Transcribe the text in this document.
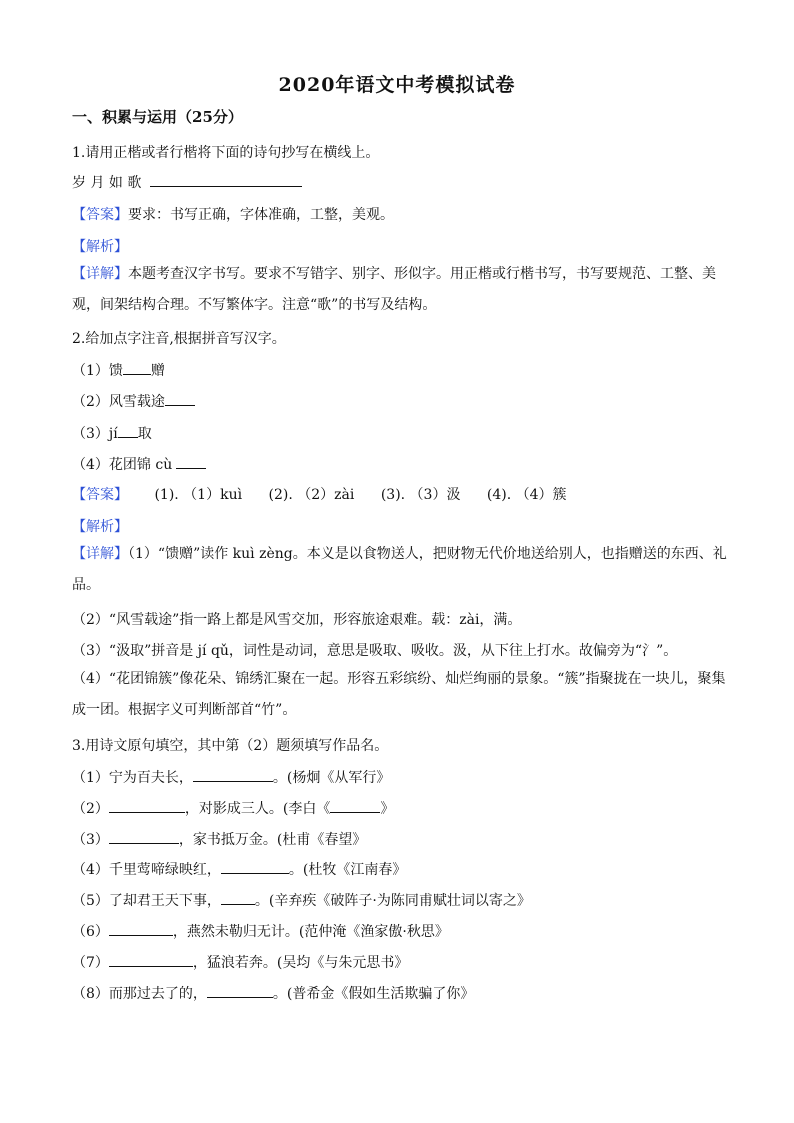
2020年语文中考模拟试卷
一、积累与运用（25分）
1.请用正楷或者行楷将下面的诗句抄写在横线上。
岁 月 如 歌
【答案】要求：书写正确，字体准确，工整，美观。
【解析】
【详解】本题考查汉字书写。要求不写错字、别字、形似字。用正楷或行楷书写，书写要规范、工整、美观，间架结构合理。不写繁体字。注意“歌”的书写及结构。
2.给加点字注音,根据拼音写汉字。
（1）馈 赠
（2）风雪载途
（3）jí 取
（4）花团锦 cù
【答案】 (1). （1）kuì (2). （2）zài (3). （3）汲 (4). （4）簇
【解析】
【详解】（1）“馈赠”读作 kuì zèng。本义是以食物送人，把财物无代价地送给别人，也指赠送的东西、礼品。
（2）“风雪载途”指一路上都是风雪交加，形容旅途艰难。载：zài，满。
（3）“汲取”拼音是 jí qǔ，词性是动词，意思是吸取、吸收。汲，从下往上打水。故偏旁为“氵”。
（4）“花团锦簇”像花朵、锦绣汇聚在一起。形容五彩缤纷、灿烂绚丽的景象。“簇”指聚拢在一块儿，聚集成一团。根据字义可判断部首“竹”。
3.用诗文原句填空，其中第（2）题须填写作品名。
（1）宁为百夫长，	。(杨炯《从军行》
（2）	，对影成三人。(李白《	》
（3）	，家书抵万金。(杜甫《春望》
（4）千里莺啼绿映红，	。(杜牧《江南春》
（5）了却君王天下事， 。(辛弃疾《破阵子·为陈同甫赋壮词以寄之》
（6）	，燕然未勒归无计。(范仲淹《渔家傲·秋思》
（7）	，猛浪若奔。(吴均《与朱元思书》
（8）而那过去了的，	。(普希金《假如生活欺骗了你》
